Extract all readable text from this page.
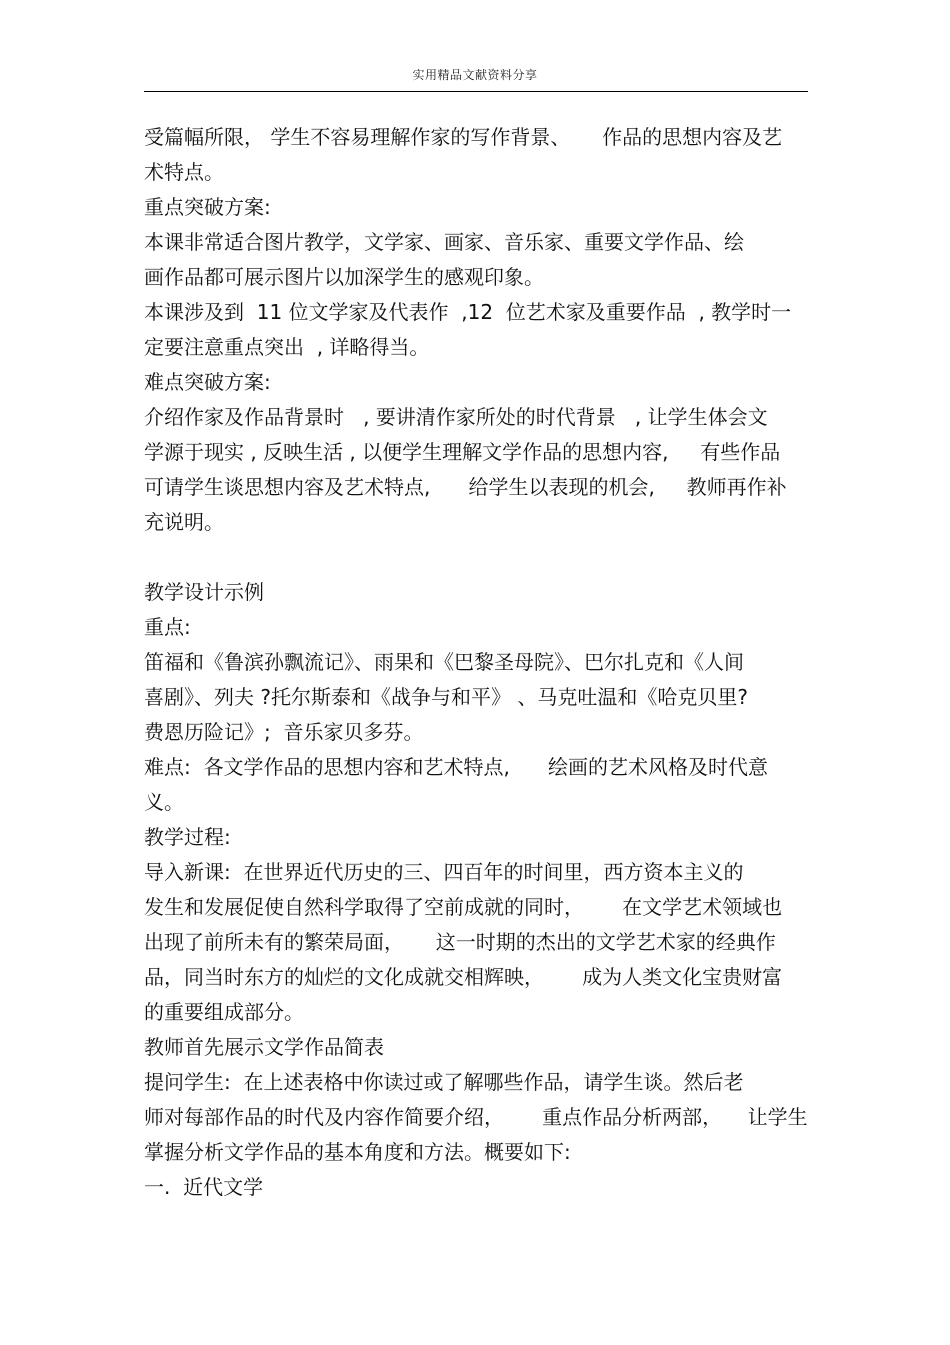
实用精品文献资料分享
受篇幅所限， 学生不容易理解作家的写作背景、     作品的思想内容及艺
术特点。
重点突破方案:
本课非常适合图片教学，文学家、画家、音乐家、重要文学作品、绘
画作品都可展示图片以加深学生的感观印象。
本课涉及到  11 位文学家及代表作  ,12  位艺术家及重要作品  , 教学时一
定要注意重点突出  , 详略得当。
难点突破方案:
介绍作家及作品背景时   , 要讲清作家所处的时代背景   , 让学生体会文
学源于现实 , 反映生活 , 以便学生理解文学作品的思想内容,     有些作品
可请学生谈思想内容及艺术特点,      给学生以表现的机会,     教师再作补
充说明。
教学设计示例
重点:
笛福和《鲁滨孙飘流记》、雨果和《巴黎圣母院》、巴尔扎克和《人间
喜剧》、列夫 ?托尔斯泰和《战争与和平》 、马克吐温和《哈克贝里?
费恩历险记》;  音乐家贝多芬。
难点:  各文学作品的思想内容和艺术特点,      绘画的艺术风格及时代意
义。
教学过程:
导入新课:  在世界近代历史的三、四百年的时间里，西方资本主义的
发生和发展促使自然科学取得了空前成就的同时，      在文学艺术领域也
出现了前所未有的繁荣局面，     这一时期的杰出的文学艺术家的经典作
品，同当时东方的灿烂的文化成就交相辉映，      成为人类文化宝贵财富
的重要组成部分。
教师首先展示文学作品简表
提问学生:  在上述表格中你读过或了解哪些作品，请学生谈。然后老
师对每部作品的时代及内容作简要介绍，      重点作品分析两部，    让学生
掌握分析文学作品的基本角度和方法。概要如下:
一.  近代文学
